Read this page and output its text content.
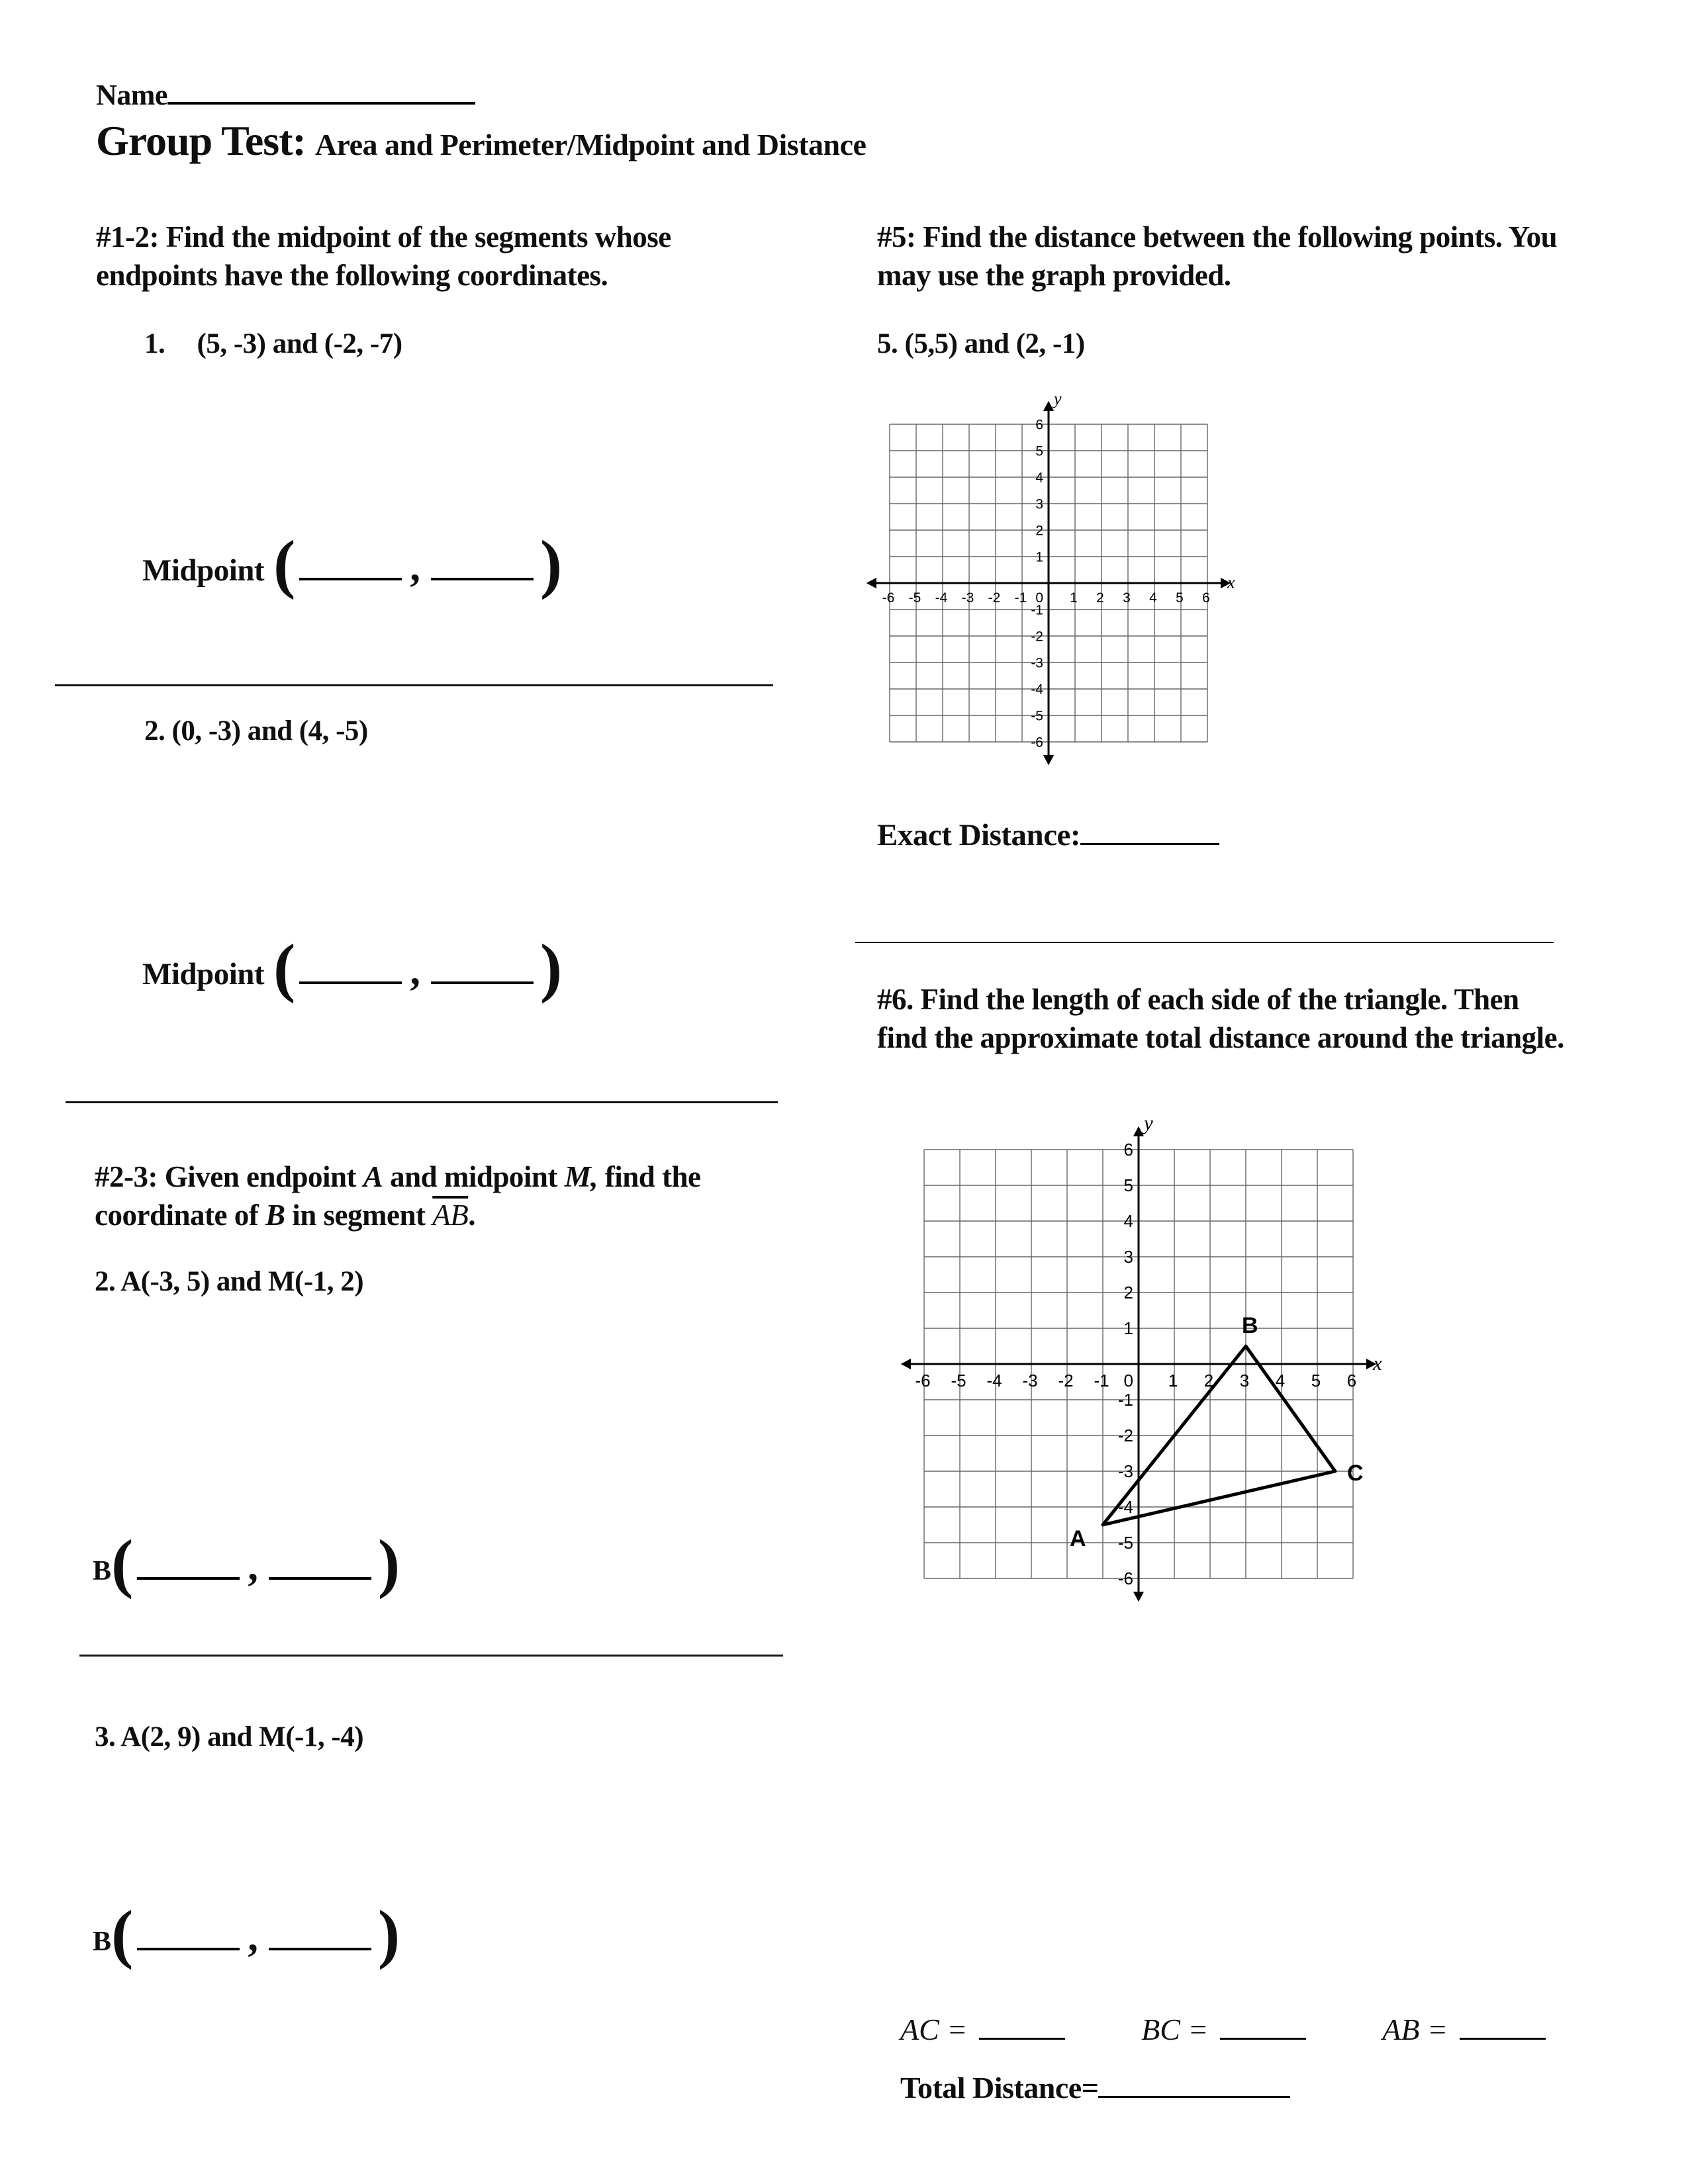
Name
Group Test: Area and Perimeter/Midpoint and Distance
#1-2: Find the midpoint of the segments whose endpoints have the following coordinates.
1. (5, -3) and (-2, -7)
Midpoint (	, )
2. (0, -3) and (4, -5)
Midpoint (	, )
#2-3: Given endpoint A and midpoint M, find the coordinate of B in segment $\overline{AB}$.
2. A(-3, 5) and M(-1, 2)
B (	, )
3. A(2, 9) and M(-1, -4)
B (	, )
#5: Find the distance between the following points. You may use the graph provided.
5. (5,5) and (2, -1)
x
y
-6 -5 -4 -3 -2 -1	1 2 3 4 5 6
-6
-5
-4
-3
-2
-1
1
2
3
4
5
6
0
Exact Distance:
#6. Find the length of each side of the triangle. Then find the approximate total distance around the triangle.
x
y
-6 -5 -4 -3 -2 -1	1 2 3 4 5 6
-6
-5
-4
-3
-2
-1
1
2
3
4
5
6
0
A
B
C
AC =	BC =	AB =
Total Distance=
